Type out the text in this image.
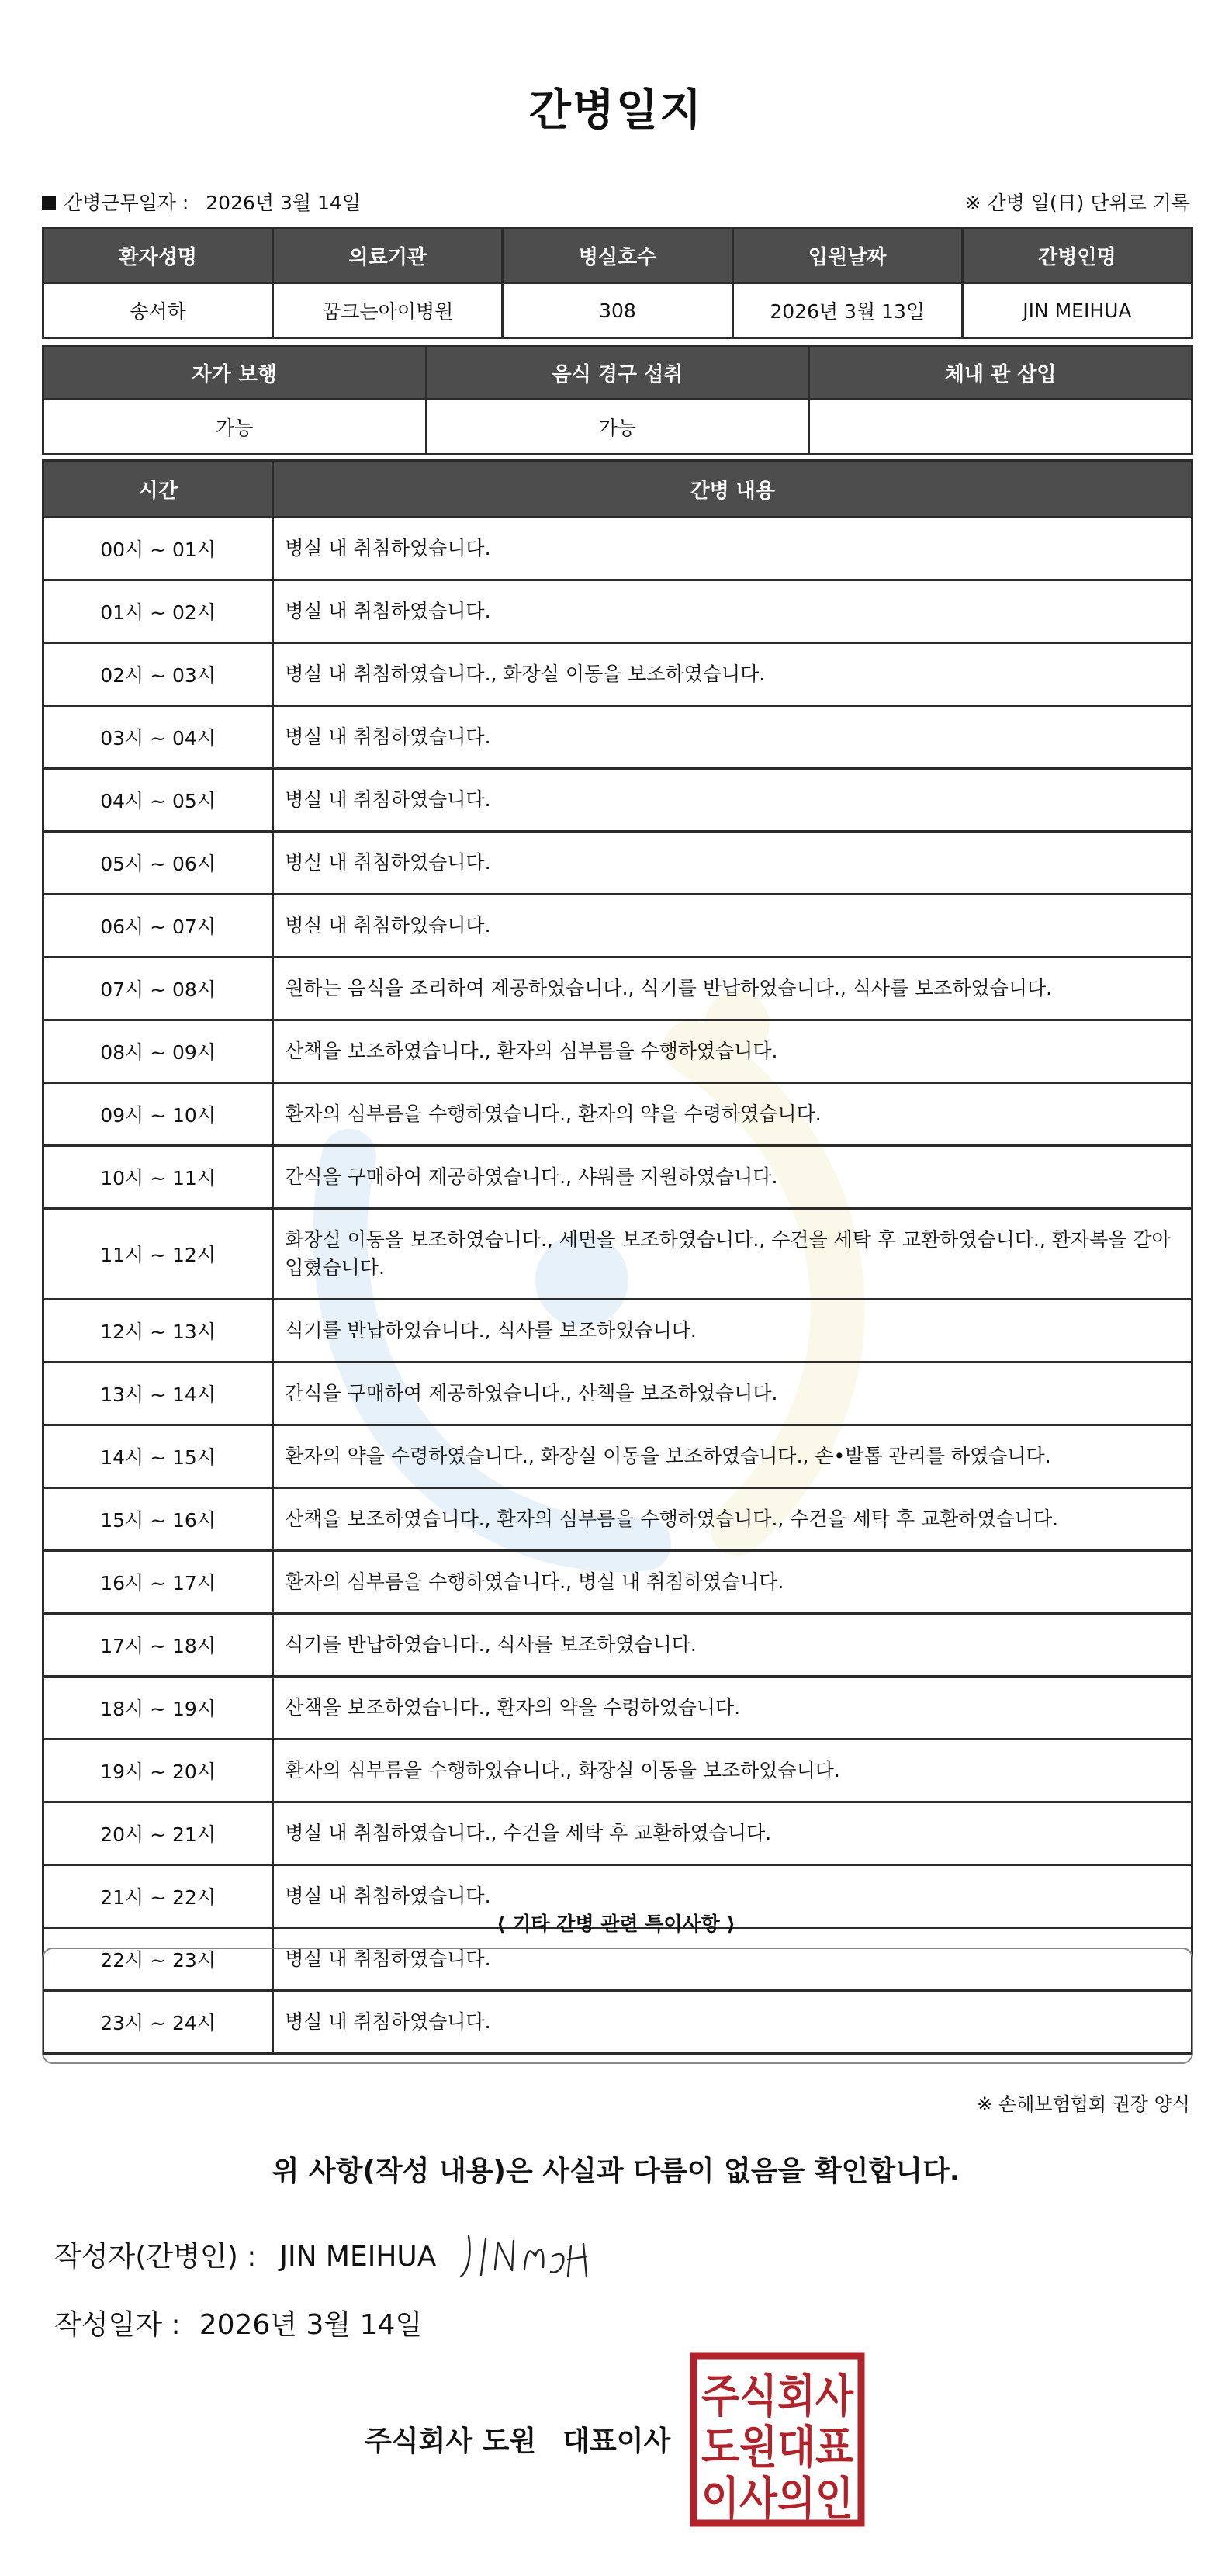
간병일지
간병근무일자 : 2026년 3월 14일	※ 간병 일(日) 단위로 기록
환자성명	의료기관	병실호수	입원날짜	간병인명
송서하	꿈크는아이병원	308	2026년 3월 13일	JIN MEIHUA
자가 보행	음식 경구 섭취	체내 관 삽입
가능	가능	
시간	간병 내용
00시 ~ 01시	병실 내 취침하였습니다.
01시 ~ 02시	병실 내 취침하였습니다.
02시 ~ 03시	병실 내 취침하였습니다., 화장실 이동을 보조하였습니다.
03시 ~ 04시	병실 내 취침하였습니다.
04시 ~ 05시	병실 내 취침하였습니다.
05시 ~ 06시	병실 내 취침하였습니다.
06시 ~ 07시	병실 내 취침하였습니다.
07시 ~ 08시	원하는 음식을 조리하여 제공하였습니다., 식기를 반납하였습니다., 식사를 보조하였습니다.
08시 ~ 09시	산책을 보조하였습니다., 환자의 심부름을 수행하였습니다.
09시 ~ 10시	환자의 심부름을 수행하였습니다., 환자의 약을 수령하였습니다.
10시 ~ 11시	간식을 구매하여 제공하였습니다., 샤워를 지원하였습니다.
11시 ~ 12시	화장실 이동을 보조하였습니다., 세면을 보조하였습니다., 수건을 세탁 후 교환하였습니다., 환자복을 갈아입혔습니다.
12시 ~ 13시	식기를 반납하였습니다., 식사를 보조하였습니다.
13시 ~ 14시	간식을 구매하여 제공하였습니다., 산책을 보조하였습니다.
14시 ~ 15시	환자의 약을 수령하였습니다., 화장실 이동을 보조하였습니다., 손•발톱 관리를 하였습니다.
15시 ~ 16시	산책을 보조하였습니다., 환자의 심부름을 수행하였습니다., 수건을 세탁 후 교환하였습니다.
16시 ~ 17시	환자의 심부름을 수행하였습니다., 병실 내 취침하였습니다.
17시 ~ 18시	식기를 반납하였습니다., 식사를 보조하였습니다.
18시 ~ 19시	산책을 보조하였습니다., 환자의 약을 수령하였습니다.
19시 ~ 20시	환자의 심부름을 수행하였습니다., 화장실 이동을 보조하였습니다.
20시 ~ 21시	병실 내 취침하였습니다., 수건을 세탁 후 교환하였습니다.
21시 ~ 22시	병실 내 취침하였습니다.
22시 ~ 23시	병실 내 취침하였습니다.
23시 ~ 24시	병실 내 취침하였습니다.
⟨ 기타 간병 관련 특이사항 ⟩
※ 손해보험협회 권장 양식
위 사항(작성 내용)은 사실과 다름이 없음을 확인합니다.
작성자(간병인) : JIN MEIHUA
작성일자 : 2026년 3월 14일
주식회사 도원 대표이사
주식회사
도원대표
이사의인
